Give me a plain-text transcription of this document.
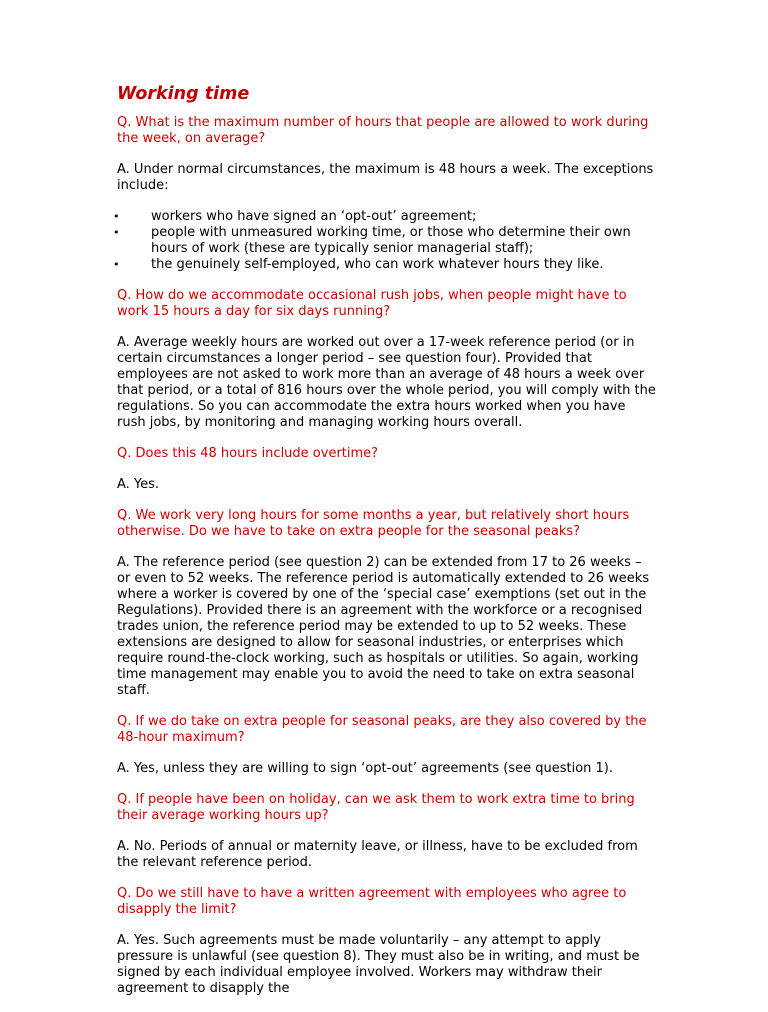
Working time

Q. What is the maximum number of hours that people are allowed to work during the week, on average?

A. Under normal circumstances, the maximum is 48 hours a week. The exceptions include:

• workers who have signed an ‘opt-out’ agreement;
• people with unmeasured working time, or those who determine their own hours of work (these are typically senior managerial staff);
• the genuinely self-employed, who can work whatever hours they like.

Q. How do we accommodate occasional rush jobs, when people might have to work 15 hours a day for six days running?

A. Average weekly hours are worked out over a 17-week reference period (or in certain circumstances a longer period – see question four). Provided that employees are not asked to work more than an average of 48 hours a week over that period, or a total of 816 hours over the whole period, you will comply with the regulations. So you can accommodate the extra hours worked when you have rush jobs, by monitoring and managing working hours overall.

Q. Does this 48 hours include overtime?

A. Yes.

Q. We work very long hours for some months a year, but relatively short hours otherwise. Do we have to take on extra people for the seasonal peaks?

A. The reference period (see question 2) can be extended from 17 to 26 weeks – or even to 52 weeks. The reference period is automatically extended to 26 weeks where a worker is covered by one of the ‘special case’ exemptions (set out in the Regulations). Provided there is an agreement with the workforce or a recognised trades union, the reference period may be extended to up to 52 weeks. These extensions are designed to allow for seasonal industries, or enterprises which require round-the-clock working, such as hospitals or utilities. So again, working time management may enable you to avoid the need to take on extra seasonal staff.

Q. If we do take on extra people for seasonal peaks, are they also covered by the 48-hour maximum?

A. Yes, unless they are willing to sign ‘opt-out’ agreements (see question 1).

Q. If people have been on holiday, can we ask them to work extra time to bring their average working hours up?

A. No. Periods of annual or maternity leave, or illness, have to be excluded from the relevant reference period.

Q. Do we still have to have a written agreement with employees who agree to disapply the limit?

A. Yes. Such agreements must be made voluntarily – any attempt to apply pressure is unlawful (see question 8). They must also be in writing, and must be signed by each individual employee involved. Workers may withdraw their agreement to disapply the
